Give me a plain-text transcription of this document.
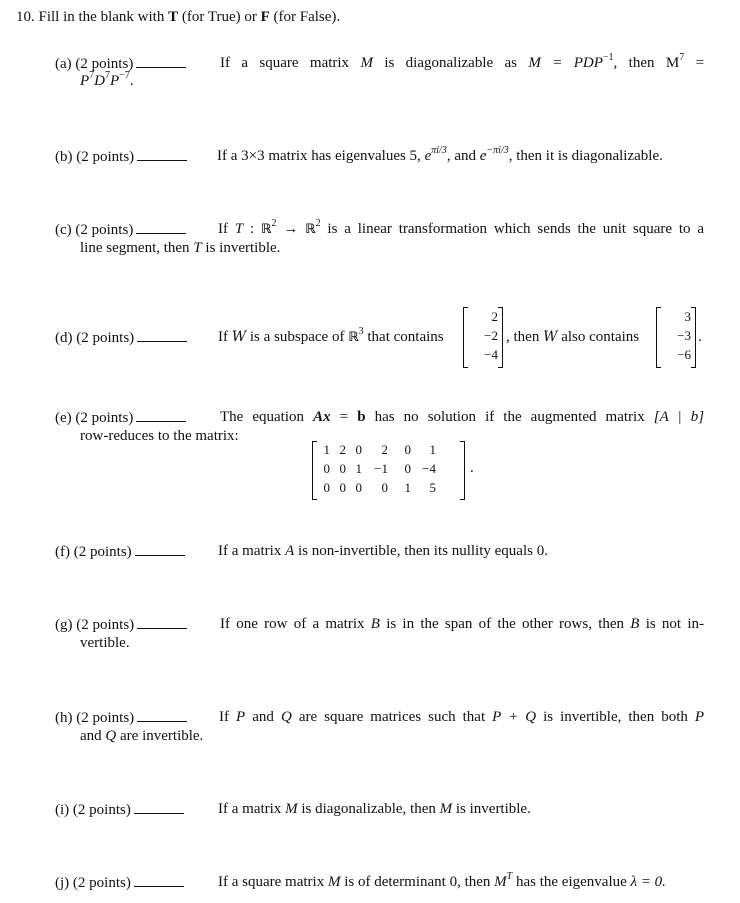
10. Fill in the blank with T (for True) or F (for False).
(a) (2 points)	If a square matrix M is diagonalizable as $M = PDP^{-1}$, then $M^7$ =
$P^7D^7P^{-7}$.
(b) (2 points)	If a 3×3 matrix has eigenvalues 5, $e^{\pi i/3}$, and $e^{-\pi i/3}$, then it is diagonalizable.
(c) (2 points)	If T : ℝ$^2$ → ℝ$^2$ is a linear transformation which sends the unit square to a
line segment, then T is invertible.
(d) (2 points)	If W is a subspace of ℝ$^3$ that contains
2
−2
−4
, then W also contains
3
−3
−6
.
(e) (2 points)	The equation Ax = b has no solution if the augmented matrix [A | b]
row-reduces to the matrix:
1 2 0	2	0	1
0 0 1 −1	0 −4
0 0 0	0	1	5
.
(f) (2 points)	If a matrix A is non-invertible, then its nullity equals 0.
(g) (2 points)	If one row of a matrix B is in the span of the other rows, then B is not in-
vertible.
(h) (2 points)	If P and Q are square matrices such that P + Q is invertible, then both P
and Q are invertible.
(i) (2 points)	If a matrix M is diagonalizable, then M is invertible.
(j) (2 points)	If a square matrix M is of determinant 0, then $M^T$ has the eigenvalue λ = 0.
